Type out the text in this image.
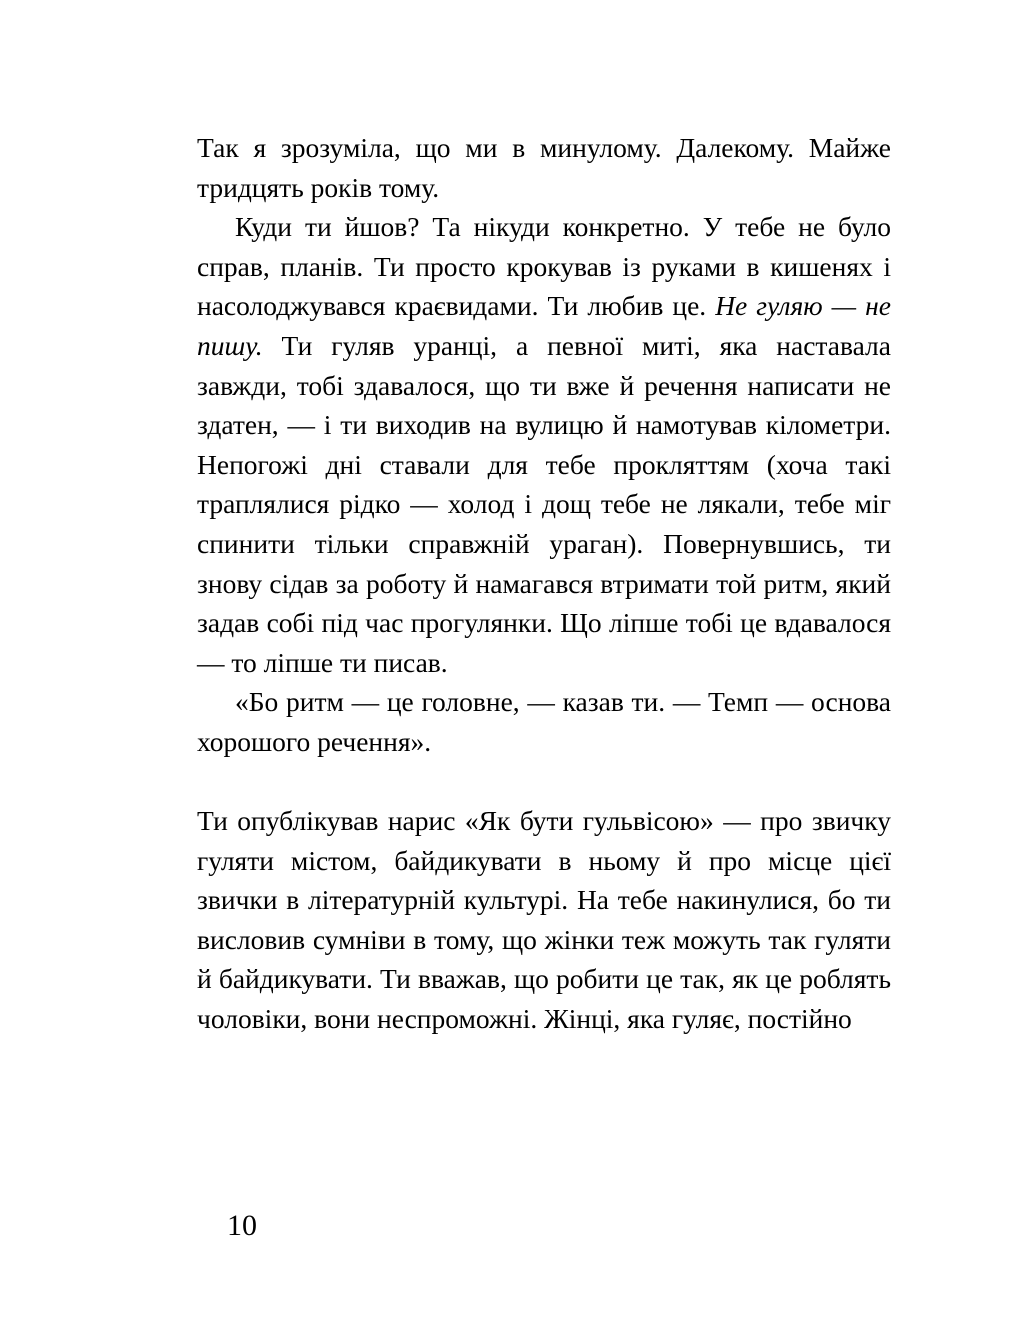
Так я зрозуміла, що ми в минулому. Далекому. Майже тридцять років тому.

Куди ти йшов? Та нікуди конкретно. У тебе не було справ, планів. Ти просто крокував із руками в кишенях і насолоджувався краєвидами. Ти любив це. Не гуляю — не пишу. Ти гуляв уранці, а певної миті, яка наставала завжди, тобі здавалося, що ти вже й речення написати не здатен, — і ти виходив на вулицю й намотував кілометри. Непогожі дні ставали для тебе прокляттям (хоча такі траплялися рідко — холод і дощ тебе не лякали, тебе міг спинити тільки справжній ураган). Повернувшись, ти знову сідав за роботу й намагався втримати той ритм, який задав собі під час прогулянки. Що ліпше тобі це вдавалося — то ліпше ти писав.

«Бо ритм — це головне, — казав ти. — Темп — основа хорошого речення».

Ти опублікував нарис «Як бути гульвісою» — про звичку гуляти містом, байдикувати в ньому й про місце цієї звички в літературній культурі. На тебе накинулися, бо ти висловив сумніви в тому, що жінки теж можуть так гуляти й байдикувати. Ти вважав, що робити це так, як це роблять чоловіки, вони неспроможні. Жінці, яка гуляє, постійно

10
